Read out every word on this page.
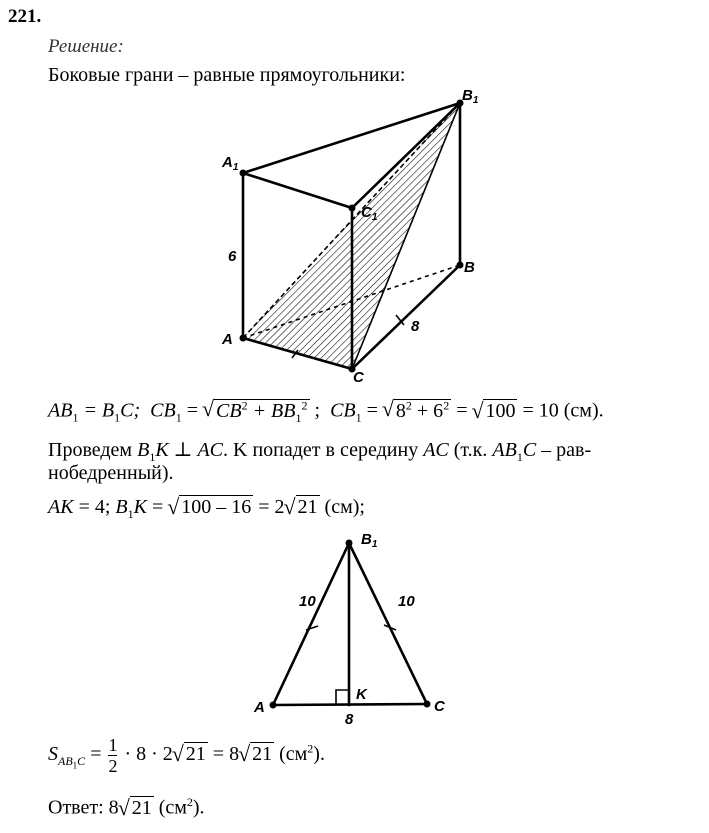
221.
Решение:
Боковые грани – равные прямоугольники:
$A_1$
$B_1$
$C_1$
A
B
C
6
8
$AB_1 = B_1C$; $CB_1$ = √ $CB^2 + BB_1^2$ ; $CB_1$ = √ $8^2 + 6^2$ = √ 100 = 10 (см).
Проведем $B_1K$ ⊥ AC. K попадет в середину AC (т.к. $AB_1C - рав-$
нобедренный).
AK = 4; $B_1K$ = √ 100 – 16 = 2√ 21 (см);
$B_1$
A	C
K
10	10
8
$S_{AB_1C} = \frac{1}{2} \cdot 8 \cdot 2√$ 21 = 8√ 21 $(см^2)$.
Ответ: 8√ 21 $(см^2)$.
